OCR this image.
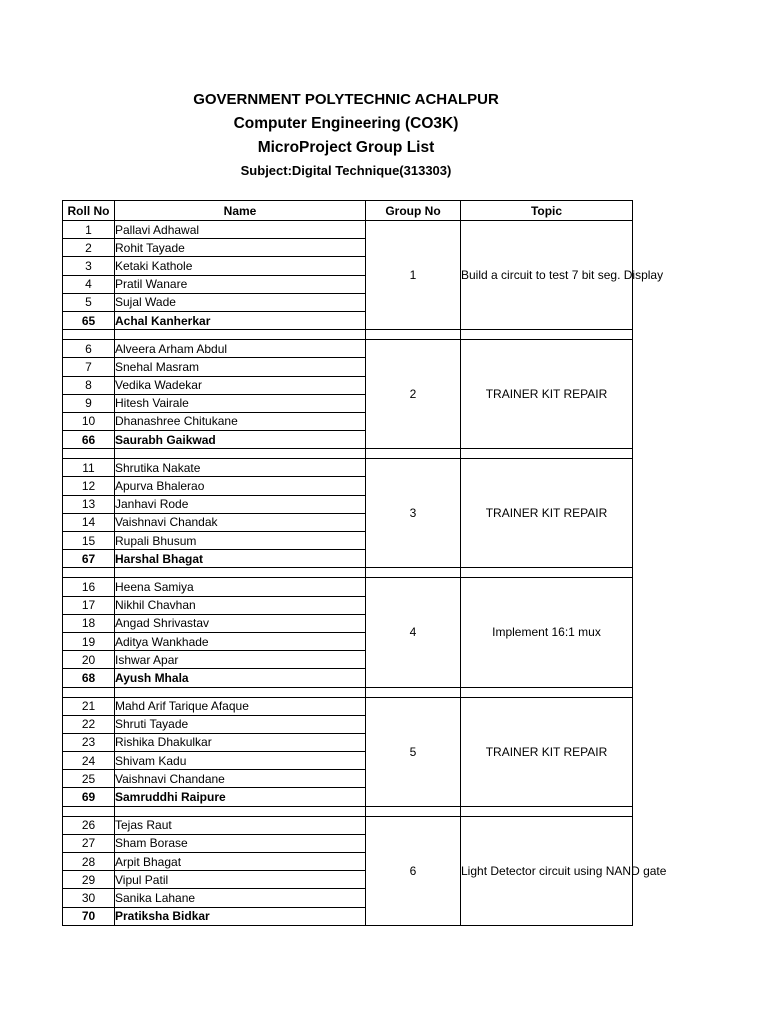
GOVERNMENT POLYTECHNIC ACHALPUR
Computer Engineering (CO3K)
MicroProject Group List
Subject:Digital Technique(313303)
Roll No	Name	Group No	Topic
1	Pallavi Adhawal	1	Build a circuit to test 7 bit seg. Display
2	Rohit Tayade		
3	Ketaki Kathole		
4	Pratil Wanare		
5	Sujal Wade		
65	Achal Kanherkar		

6	Alveera Arham Abdul	2	TRAINER KIT REPAIR
7	Snehal Masram		
8	Vedika Wadekar		
9	Hitesh Vairale		
10	Dhanashree Chitukane		
66	Saurabh Gaikwad		

11	Shrutika Nakate	3	TRAINER KIT REPAIR
12	Apurva Bhalerao		
13	Janhavi Rode		
14	Vaishnavi Chandak		
15	Rupali Bhusum		
67	Harshal Bhagat		

16	Heena Samiya	4	Implement 16:1 mux
17	Nikhil Chavhan		
18	Angad Shrivastav		
19	Aditya Wankhade		
20	Ishwar Apar		
68	Ayush Mhala		

21	Mahd Arif Tarique Afaque	5	TRAINER KIT REPAIR
22	Shruti Tayade		
23	Rishika Dhakulkar		
24	Shivam Kadu		
25	Vaishnavi Chandane		
69	Samruddhi Raipure		

26	Tejas Raut	6	Light Detector circuit using NAND gate
27	Sham Borase		
28	Arpit Bhagat		
29	Vipul Patil		
30	Sanika Lahane		
70	Pratiksha Bidkar		
